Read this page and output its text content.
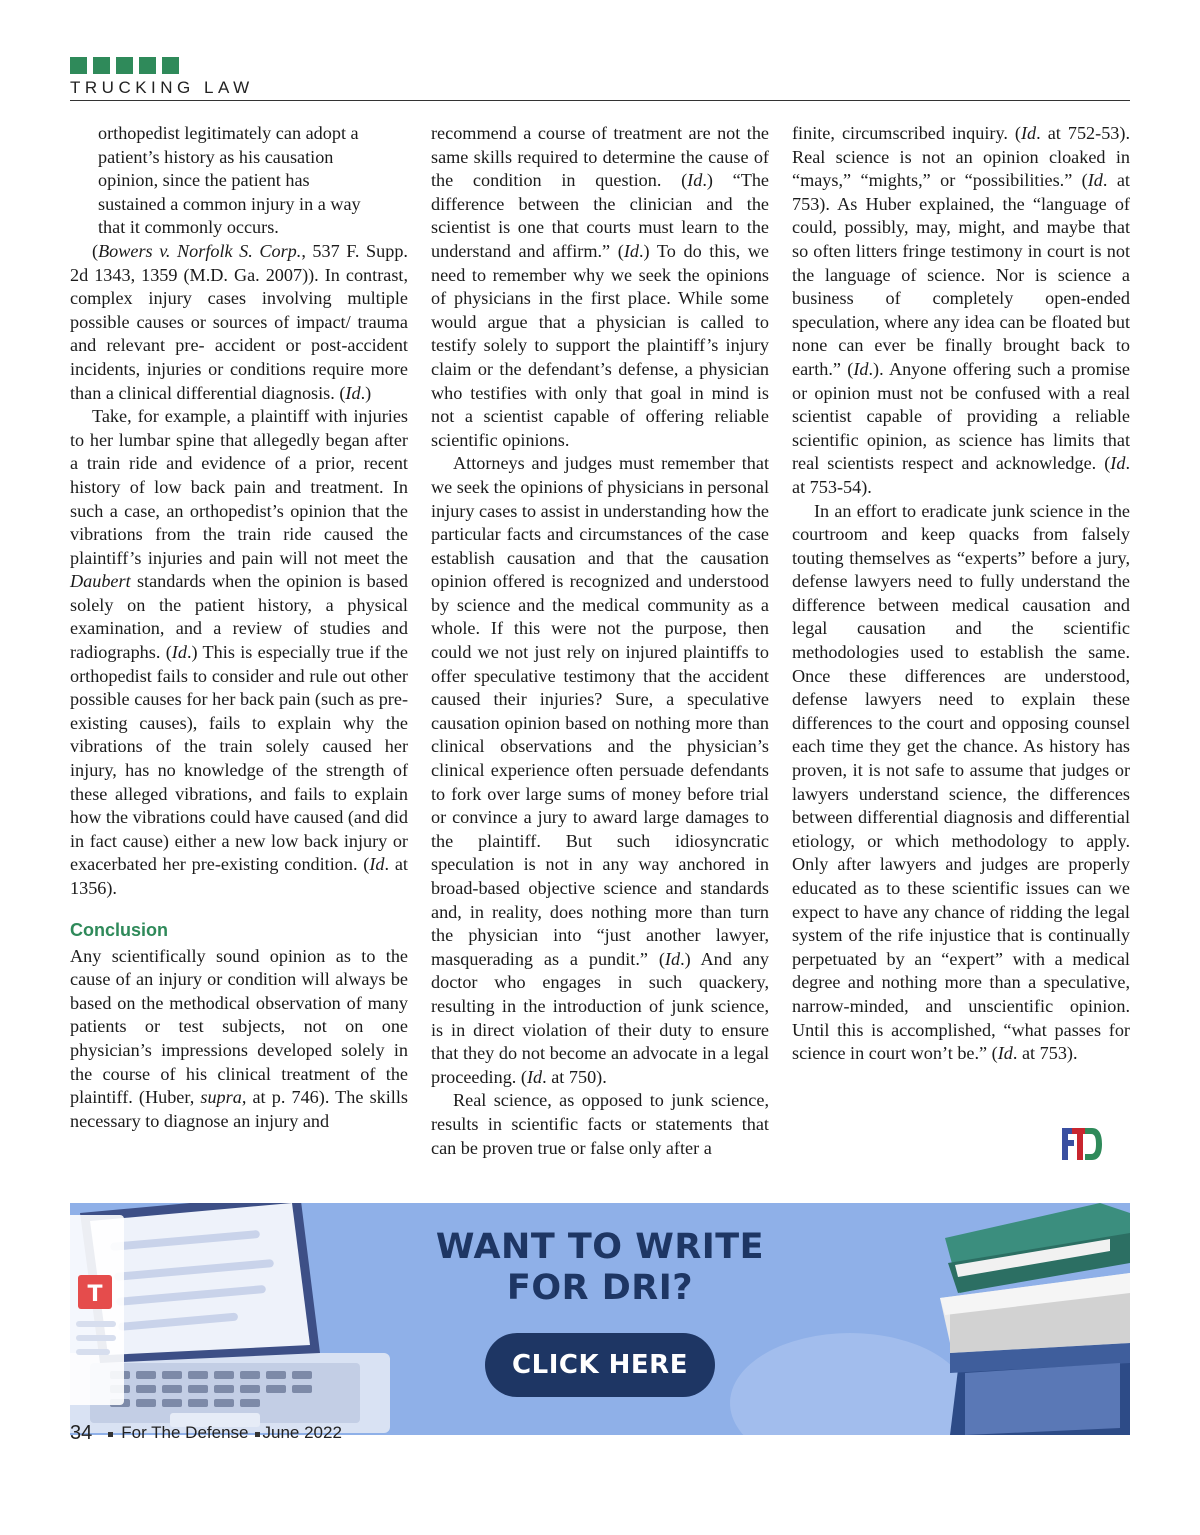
TRUCKING LAW

orthopedist legitimately can adopt a patient’s history as his causation opinion, since the patient has sustained a common injury in a way that it commonly occurs.

(Bowers v. Norfolk S. Corp., 537 F. Supp. 2d 1343, 1359 (M.D. Ga. 2007)). In contrast, complex injury cases involving multiple possible causes or sources of impact/ trauma and relevant pre- accident or post-accident incidents, injuries or conditions require more than a clinical differential diagnosis. (Id.)

Take, for example, a plaintiff with injuries to her lumbar spine that allegedly began after a train ride and evidence of a prior, recent history of low back pain and treatment. In such a case, an orthopedist’s opinion that the vibrations from the train ride caused the plaintiff’s injuries and pain will not meet the Daubert standards when the opinion is based solely on the patient history, a physical examination, and a review of studies and radiographs. (Id.) This is especially true if the orthopedist fails to consider and rule out other possible causes for her back pain (such as pre- existing causes), fails to explain why the vibrations of the train solely caused her injury, has no knowledge of the strength of these alleged vibrations, and fails to explain how the vibrations could have caused (and did in fact cause) either a new low back injury or exacerbated her pre-existing condition. (Id. at 1356).

Conclusion

Any scientifically sound opinion as to the cause of an injury or condition will always be based on the methodical observation of many patients or test subjects, not on one physician’s impressions developed solely in the course of his clinical treatment of the plaintiff. (Huber, supra, at p. 746). The skills necessary to diagnose an injury and

recommend a course of treatment are not the same skills required to determine the cause of the condition in question. (Id.) “The difference between the clinician and the scientist is one that courts must learn to the understand and affirm.” (Id.) To do this, we need to remember why we seek the opinions of physicians in the first place. While some would argue that a physician is called to testify solely to support the plaintiff’s injury claim or the defendant’s defense, a physician who testifies with only that goal in mind is not a scientist capable of offering reliable scientific opinions.

Attorneys and judges must remember that we seek the opinions of physicians in personal injury cases to assist in understanding how the particular facts and circumstances of the case establish causation and that the causation opinion offered is recognized and understood by science and the medical community as a whole. If this were not the purpose, then could we not just rely on injured plaintiffs to offer speculative testimony that the accident caused their injuries? Sure, a speculative causation opinion based on nothing more than clinical observations and the physician’s clinical experience often persuade defendants to fork over large sums of money before trial or convince a jury to award large damages to the plaintiff. But such idiosyncratic speculation is not in any way anchored in broad-based objective science and standards and, in reality, does nothing more than turn the physician into “just another lawyer, masquerading as a pundit.” (Id.) And any doctor who engages in such quackery, resulting in the introduction of junk science, is in direct violation of their duty to ensure that they do not become an advocate in a legal proceeding. (Id. at 750).

Real science, as opposed to junk science, results in scientific facts or statements that can be proven true or false only after a

finite, circumscribed inquiry. (Id. at 752-53). Real science is not an opinion cloaked in “mays,” “mights,” or “possibilities.” (Id. at 753). As Huber explained, the “language of could, possibly, may, might, and maybe that so often litters fringe testimony in court is not the language of science. Nor is science a business of completely open-ended speculation, where any idea can be floated but none can ever be finally brought back to earth.” (Id.). Anyone offering such a promise or opinion must not be confused with a real scientist capable of providing a reliable scientific opinion, as science has limits that real scientists respect and acknowledge. (Id. at 753-54).

In an effort to eradicate junk science in the courtroom and keep quacks from falsely touting themselves as “experts” before a jury, defense lawyers need to fully understand the difference between medical causation and legal causation and the scientific methodologies used to establish the same. Once these differences are understood, defense lawyers need to explain these differences to the court and opposing counsel each time they get the chance. As history has proven, it is not safe to assume that judges or lawyers understand science, the differences between differential diagnosis and differential etiology, or which methodology to apply. Only after lawyers and judges are properly educated as to these scientific issues can we expect to have any chance of ridding the legal system of the rife injustice that is continually perpetuated by an “expert” with a medical degree and nothing more than a speculative, narrow-minded, and unscientific opinion. Until this is accomplished, “what passes for science in court won’t be.” (Id. at 753).

T
WANT TO WRITE
FOR DRI?
CLICK HERE
34 For The Defense June 2022
